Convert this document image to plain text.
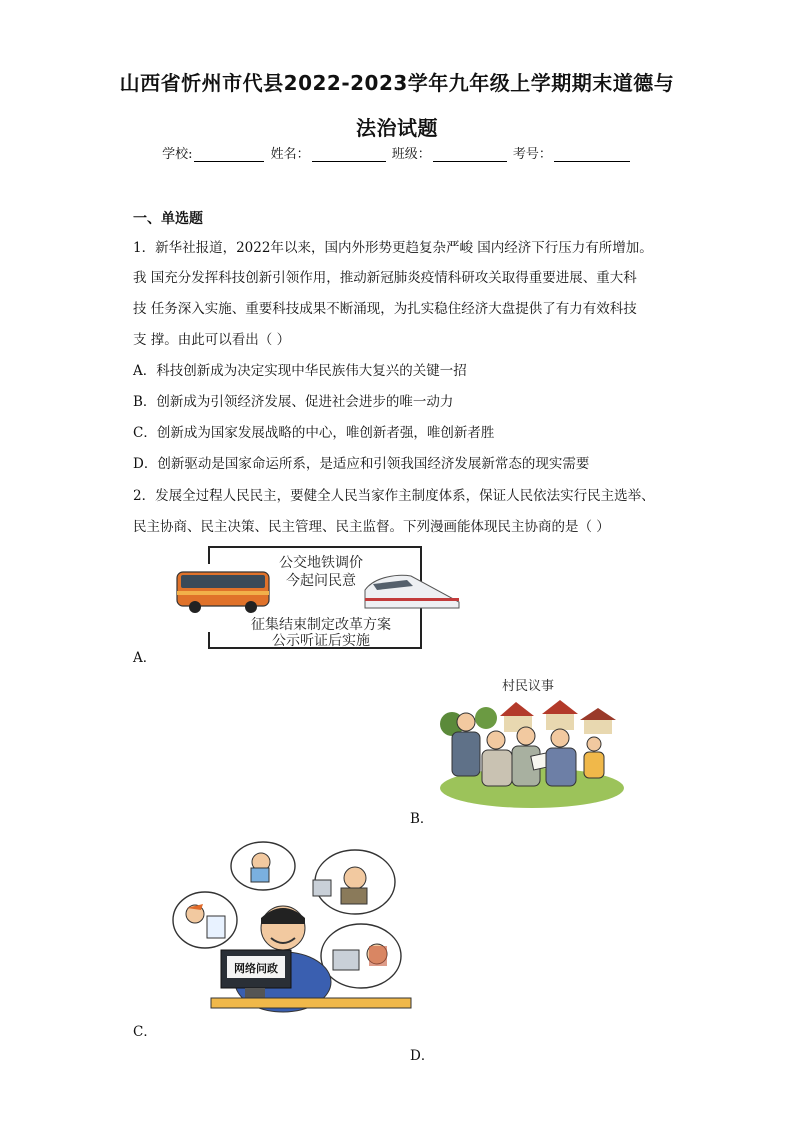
山西省忻州市代县2022-2023学年九年级上学期期末道德与
法治试题
学校:	姓名：	班级：	考号：
一、单选题
1．新华社报道，2022年以来，国内外形势更趋复杂严峻 国内经济下行压力有所增加。
我 国充分发挥科技创新引领作用，推动新冠肺炎疫情科研攻关取得重要进展、重大科
技 任务深入实施、重要科技成果不断涌现，为扎实稳住经济大盘提供了有力有效科技
支 撑。由此可以看出（ ）
A．科技创新成为决定实现中华民族伟大复兴的关键一招
B．创新成为引领经济发展、促进社会进步的唯一动力
C．创新成为国家发展战略的中心，唯创新者强，唯创新者胜
D．创新驱动是国家命运所系，是适应和引领我国经济发展新常态的现实需要
2．发展全过程人民民主，要健全人民当家作主制度体系，保证人民依法实行民主选举、
民主协商、民主决策、民主管理、民主监督。下列漫画能体现民主协商的是（ ）
公交地铁调价
今起问民意
征集结束制定改革方案
公示听证后实施
A．
村民议事
B．
网络问政
C．
D．
